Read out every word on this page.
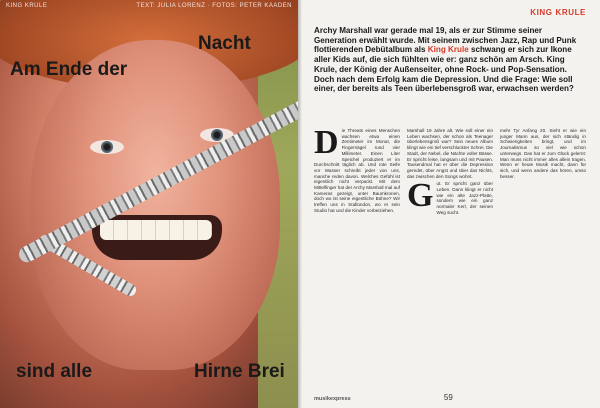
KING KRULE	TEXT: JULIA LORENZ · FOTOS: PETER KAADEN
Nacht
Am Ende der
sind alle	Hirne Brei
KING KRULE

Archy Marshall war gerade mal 19, als er zur Stimme seiner Generation erwählt wurde. Mit seinem zwischen Jazz, Rap und Punk flottierenden Debütalbum als King Krule schwang er sich zur Ikone aller Kids auf, die sich fühlten wie er: ganz schön am Arsch. King Krule, der König der Außenseiter, ohne Rock- und Pop-Sensation. Doch nach dem Erfolg kam die Depression. Und die Frage: Wie soll einer, der bereits als Teen überlebensgroß war, erwachsen werden?

Die Threats eines Menschen wachsen etwa einen Zentimeter im Monat, die Fingernägel rund vier Millimeter. Einen Liter Speichel produziert er im Durchschnitt täglich ab. Und rote Seife vor Wasser schreibt jeder von uns, manche reden davon. Welches Gefühl ist eigentlich nicht verpackt. Mit dem Mittelfinger hat der Archy Marshall mal auf Kameras gezeigt, unter Baumkronen, doch wo ist seine eigentliche Bühne? Wir treffen uns in Südlondon, wo er sein Studio hat und die Kinder vorbeiziehen.

Marshall 19 Jahre alt. Wie soll einer ein Leben wachsen, der schon als Teenager überlebensgroß war? Sein neues Album klingt wie ein tief verschluckter Schrei. Die Stadt, der Nebel, die Nächte voller Bässe. Er spricht leise, langsam und mit Pausen. Tausendmal hat er über die Depression geredet, über Angst und über das Nichts, das zwischen den Songs wohnt.

Gut. Er spricht ganz über Leben. Dann klingt er nicht wie ein alte Jazz-Platte, sondern wie ein ganz normaler Kerl, der seinen Weg sucht.

mehr Tyr Anfang 20. Sieht er wie ein junger Mann aus, der sich ständig in Schwierigkeiten bringt, und im Journalismus so viel wie schon unterwegs. Das hat er zum Glück gelernt: Man muss nicht immer alles allein tragen. Wenn er heute Musik macht, dann für sich, und wenn andere das hören, umso besser.

musikexpress	59
